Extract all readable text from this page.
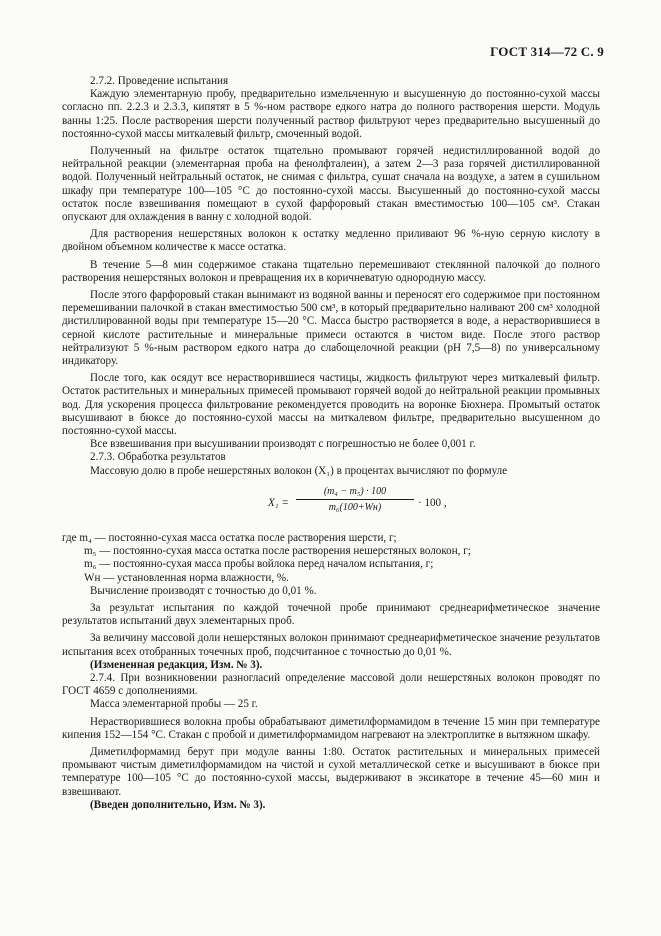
ГОСТ 314—72 С. 9

2.7.2. Проведение испытания

Каждую элементарную пробу, предварительно измельченную и высушенную до постоянно-сухой массы согласно пп. 2.2.3 и 2.3.3, кипятят в 5 %-ном растворе едкого натра до полного растворения шерсти. Модуль ванны 1:25. После растворения шерсти полученный раствор фильтруют через предварительно высушенный до постоянно-сухой массы миткалевый фильтр, смоченный водой.

Полученный на фильтре остаток тщательно промывают горячей недистиллированной водой до нейтральной реакции (элементарная проба на фенолфталеин), а затем 2—3 раза горячей дистиллированной водой. Полученный нейтральный остаток, не снимая с фильтра, сушат сначала на воздухе, а затем в сушильном шкафу при температуре 100—105 °С до постоянно-сухой массы. Высушенный до постоянно-сухой массы остаток после взвешивания помещают в сухой фарфоровый стакан вместимостью 100—105 см³. Стакан опускают для охлаждения в ванну с холодной водой.

Для растворения нешерстяных волокон к остатку медленно приливают 96 %-ную серную кислоту в двойном объемном количестве к массе остатка.

В течение 5—8 мин содержимое стакана тщательно перемешивают стеклянной палочкой до полного растворения нешерстяных волокон и превращения их в коричневатую однородную массу.

После этого фарфоровый стакан вынимают из водяной ванны и переносят его содержимое при постоянном перемешивании палочкой в стакан вместимостью 500 см³, в который предварительно наливают 200 см³ холодной дистиллированной воды при температуре 15—20 °С. Масса быстро растворяется в воде, а нерастворившиеся в серной кислоте растительные и минеральные примеси остаются в чистом виде. После этого раствор нейтрализуют 5 %-ным раствором едкого натра до слабощелочной реакции (рН 7,5—8) по универсальному индикатору.

После того, как осядут все нерастворившиеся частицы, жидкость фильтруют через миткалевый фильтр. Остаток растительных и минеральных примесей промывают горячей водой до нейтральной реакции промывных вод. Для ускорения процесса фильтрование рекомендуется проводить на воронке Бюхнера. Промытый остаток высушивают в бюксе до постоянно-сухой массы на миткалевом фильтре, предварительно высушенном до постоянно-сухой массы.

Все взвешивания при высушивании производят с погрешностью не более 0,001 г.

2.7.3. Обработка результатов

Массовую долю в пробе нешерстяных волокон (X₁) в процентах вычисляют по формуле

X₁ =
(m₄ − m₅) · 100
m₆(100+Wн)	· 100 ,
где m₄ — постоянно-сухая масса остатка после растворения шерсти, г;
m₅ — постоянно-сухая масса остатка после растворения нешерстяных волокон, г;
m₆ — постоянно-сухая масса пробы войлока перед началом испытания, г;
Wн — установленная норма влажности, %.

Вычисление производят с точностью до 0,01 %.

За результат испытания по каждой точечной пробе принимают среднеарифметическое значение результатов испытаний двух элементарных проб.

За величину массовой доли нешерстяных волокон принимают среднеарифметическое значение результатов испытания всех отобранных точечных проб, подсчитанное с точностью до 0,01 %.

(Измененная редакция, Изм. № 3).

2.7.4. При возникновении разногласий определение массовой доли нешерстяных волокон проводят по ГОСТ 4659 с дополнениями.

Масса элементарной пробы — 25 г.

Нерастворившиеся волокна пробы обрабатывают диметилформамидом в течение 15 мин при температуре кипения 152—154 °С. Стакан с пробой и диметилформамидом нагревают на электроплитке в вытяжном шкафу.

Диметилформамид берут при модуле ванны 1:80. Остаток растительных и минеральных примесей промывают чистым диметилформамидом на чистой и сухой металлической сетке и высушивают в бюксе при температуре 100—105 °С до постоянно-сухой массы, выдерживают в эксикаторе в течение 45—60 мин и взвешивают.

(Введен дополнительно, Изм. № 3).
